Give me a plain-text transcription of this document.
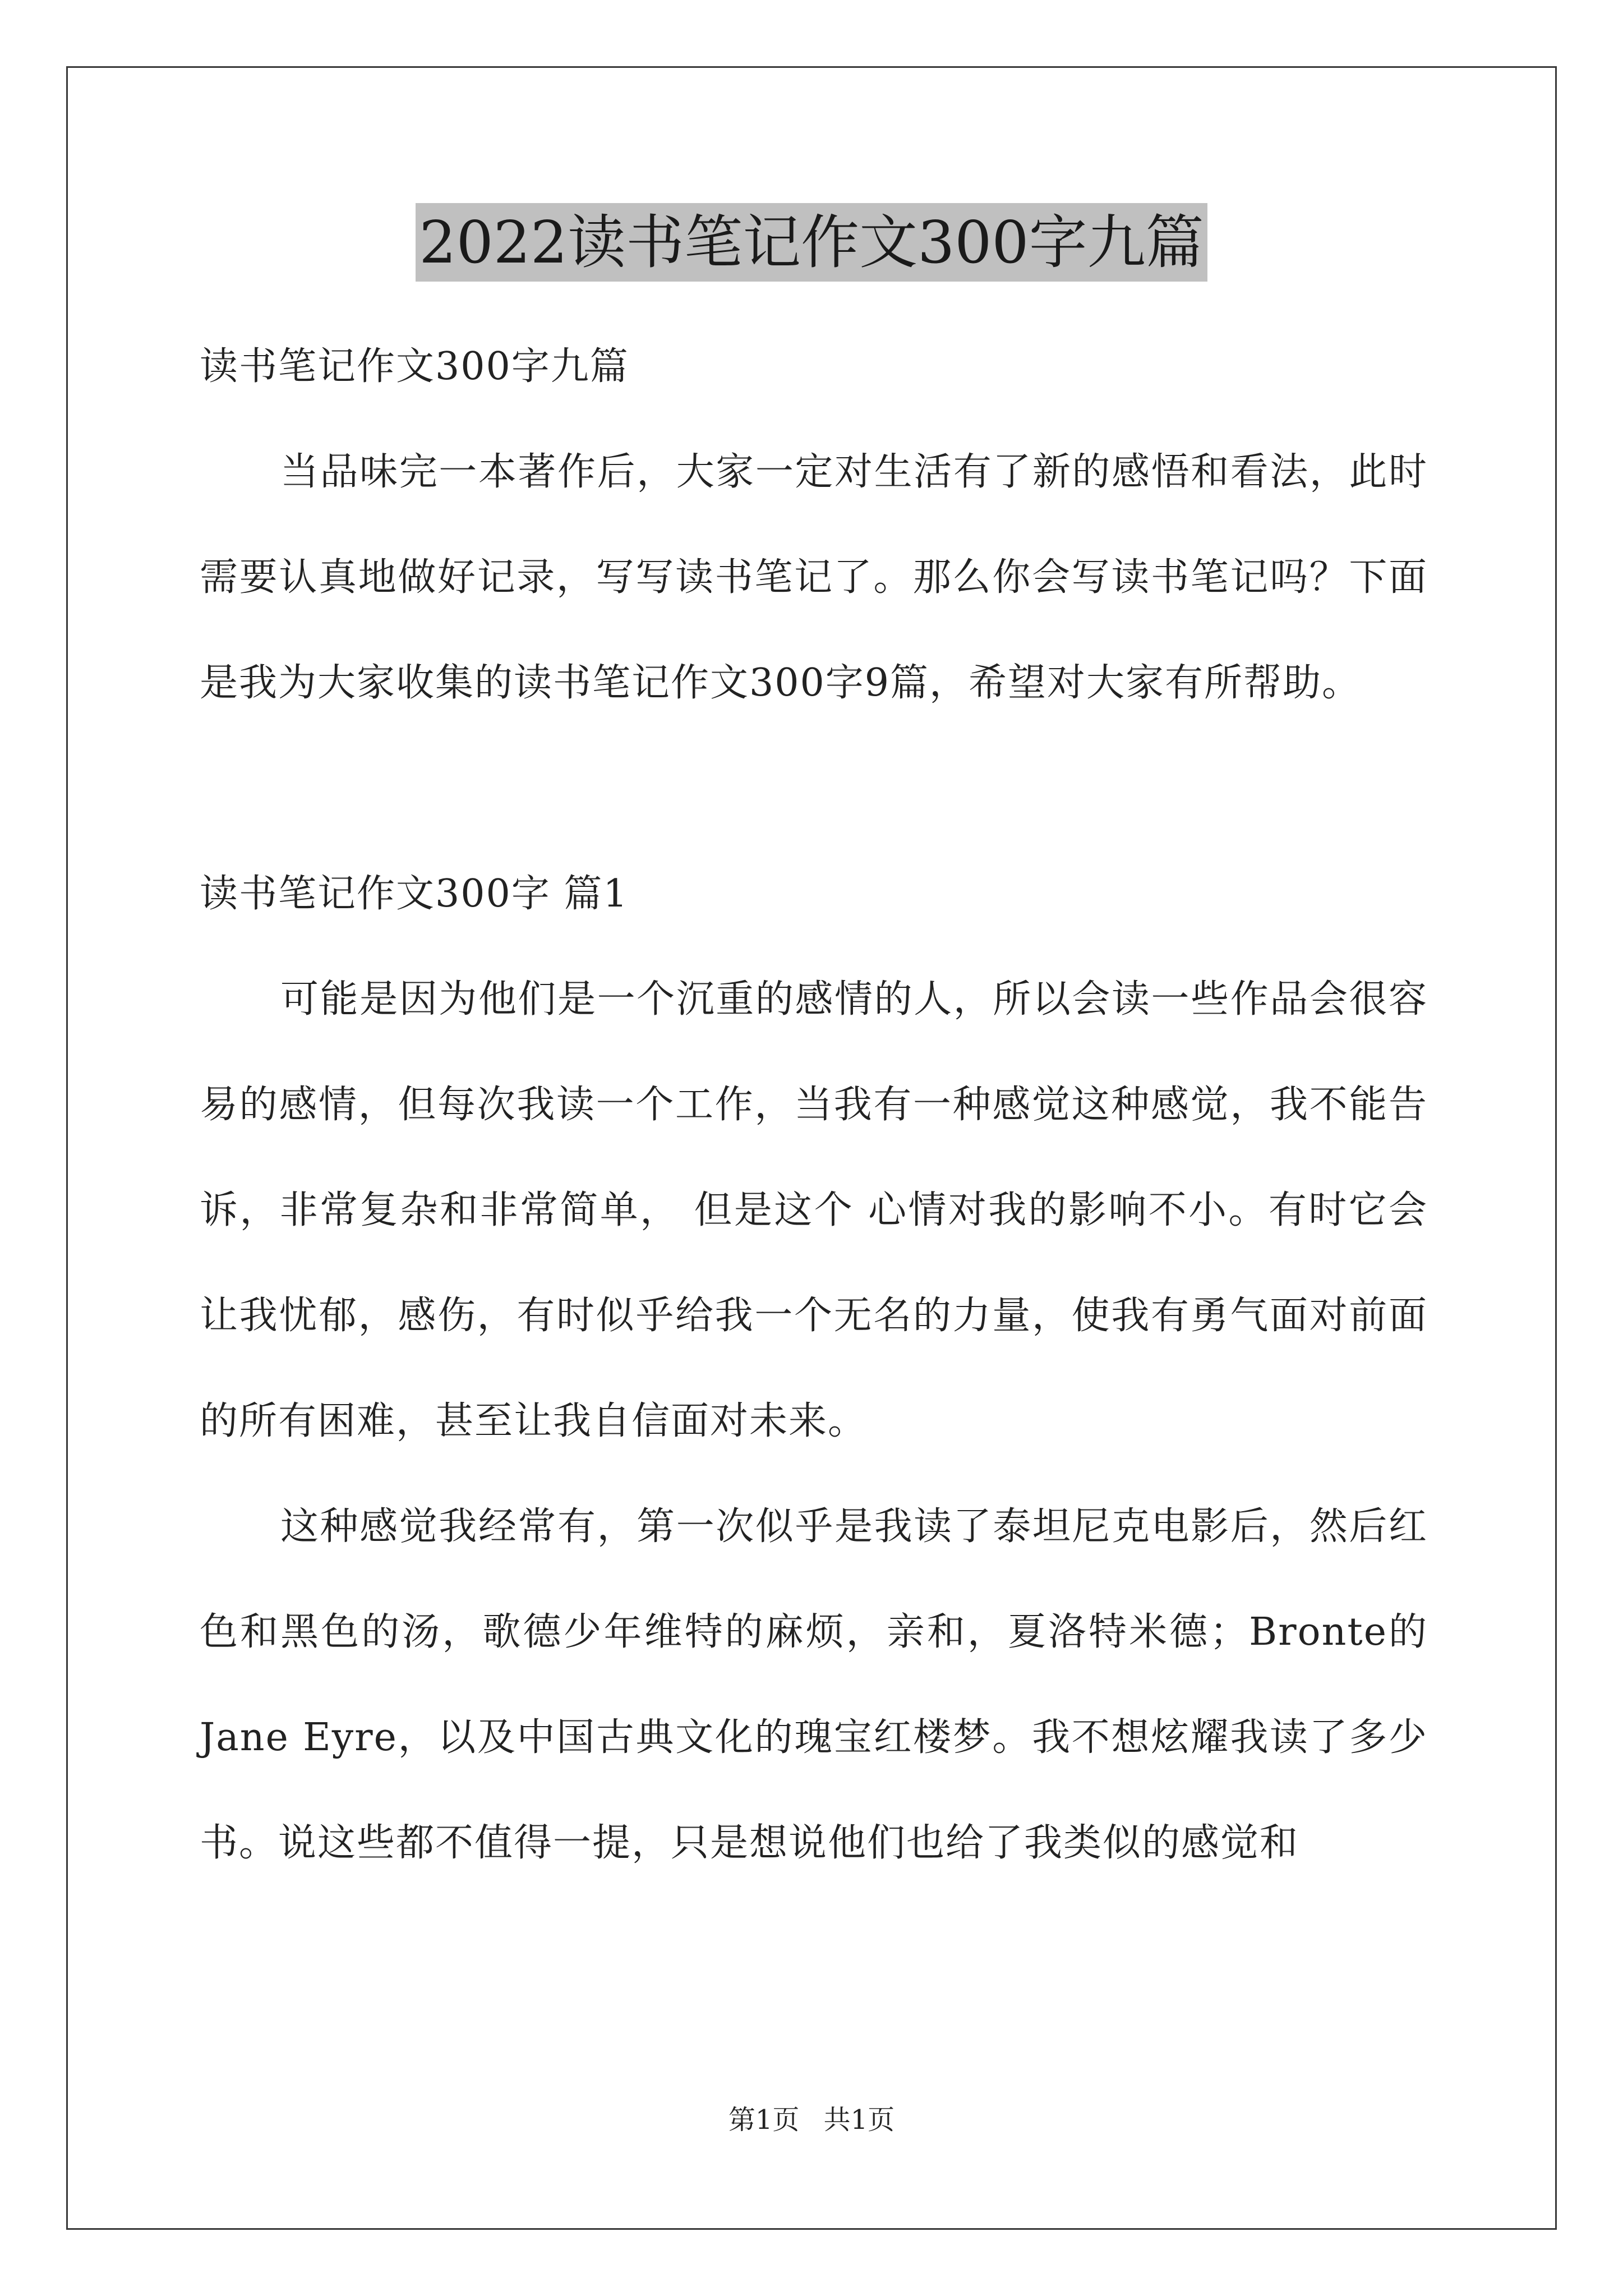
2022读书笔记作文300字九篇

读书笔记作文300字九篇

当品味完一本著作后，大家一定对生活有了新的感悟和看法，此时需要认真地做好记录，写写读书笔记了。那么你会写读书笔记吗？下面是我为大家收集的读书笔记作文300字9篇，希望对大家有所帮助。

读书笔记作文300字 篇1

可能是因为他们是一个沉重的感情的人，所以会读一些作品会很容易的感情，但每次我读一个工作，当我有一种感觉这种感觉，我不能告诉，非常复杂和非常简单， 但是这个 心情对我的影响不小。有时它会让我忧郁，感伤，有时似乎给我一个无名的力量，使我有勇气面对前面的所有困难，甚至让我自信面对未来。

这种感觉我经常有，第一次似乎是我读了泰坦尼克电影后，然后红色和黑色的汤，歌德少年维特的麻烦，亲和，夏洛特米德；Bronte的Jane Eyre，以及中国古典文化的瑰宝红楼梦。我不想炫耀我读了多少书。说这些都不值得一提，只是想说他们也给了我类似的感觉和

第1页 共1页
